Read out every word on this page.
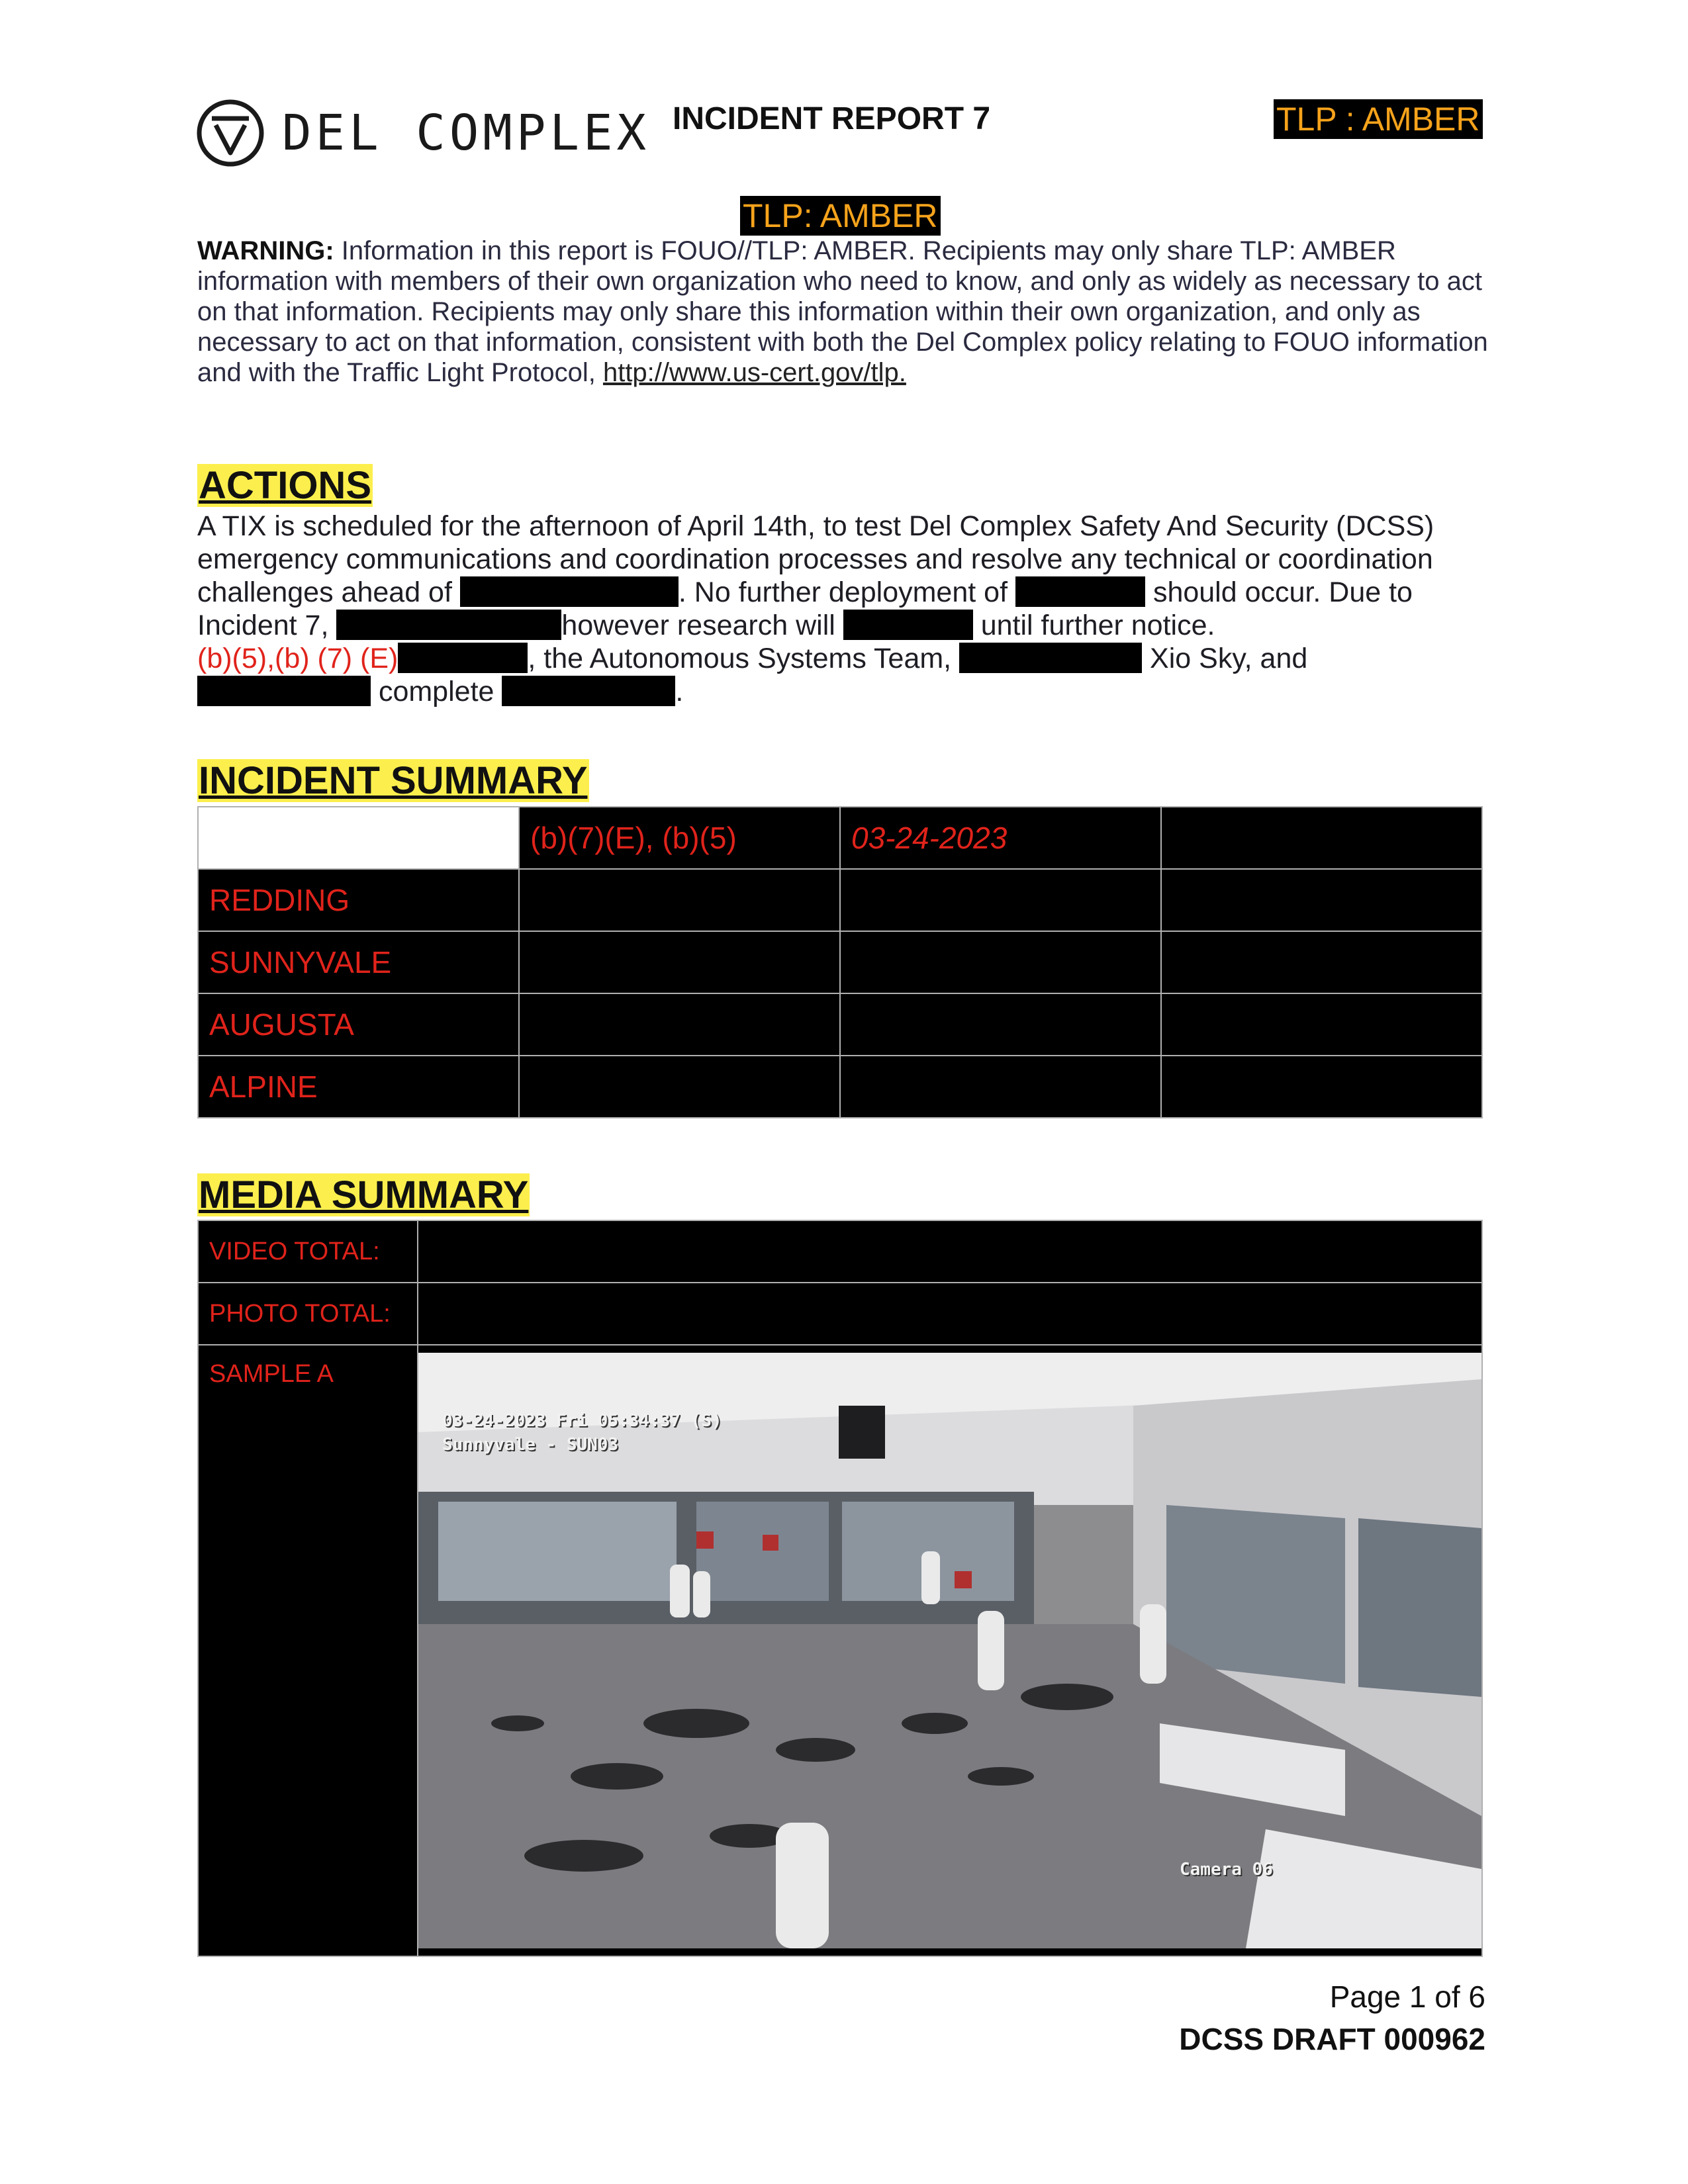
DEL COMPLEX INCIDENT REPORT 7	TLP : AMBER
TLP: AMBER
WARNING: Information in this report is FOUO//TLP: AMBER. Recipients may only share TLP: AMBER information with members of their own organization who need to know, and only as widely as necessary to act on that information. Recipients may only share this information within their own organization, and only as necessary to act on that information, consistent with both the Del Complex policy relating to FOUO information and with the Traffic Light Protocol, http://www.us-cert.gov/tlp.
ACTIONS
A TIX is scheduled for the afternoon of April 14th, to test Del Complex Safety And Security (DCSS) emergency communications and coordination processes and resolve any technical or coordination challenges ahead of	. No further deployment of	should occur. Due to Incident 7,	however research will	until further notice.
(b)(5),(b) (7) (E)	, the Autonomous Systems Team,	Xio Sky, and
complete	.
INCIDENT SUMMARY
	(b)(7)(E), (b)(5)	03-24-2023	
REDDING			
SUNNYVALE			
AUGUSTA			
ALPINE			
MEDIA SUMMARY
VIDEO TOTAL:	
PHOTO TOTAL:	
SAMPLE A	03-24-2023 Fri 05:34:37 (S)
Sunnyvale - SUN03
Camera 06
Page 1 of 6
DCSS DRAFT 000962
